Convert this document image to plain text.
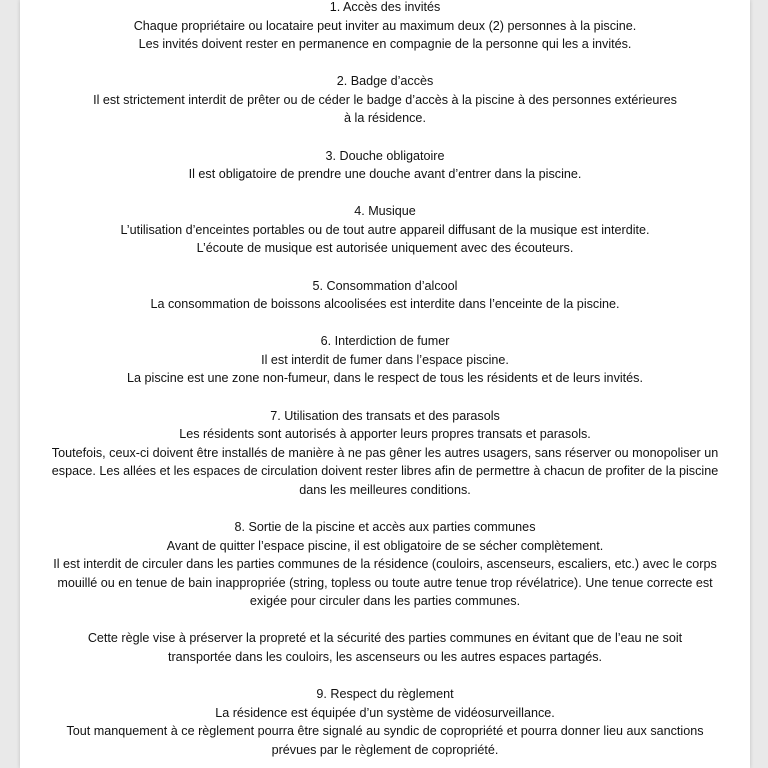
1. Accès des invités
Chaque propriétaire ou locataire peut inviter au maximum deux (2) personnes à la piscine.
Les invités doivent rester en permanence en compagnie de la personne qui les a invités.
2. Badge d’accès
Il est strictement interdit de prêter ou de céder le badge d’accès à la piscine à des personnes extérieures à la résidence.
3. Douche obligatoire
Il est obligatoire de prendre une douche avant d’entrer dans la piscine.
4. Musique
L’utilisation d’enceintes portables ou de tout autre appareil diffusant de la musique est interdite.
L’écoute de musique est autorisée uniquement avec des écouteurs.
5. Consommation d’alcool
La consommation de boissons alcoolisées est interdite dans l’enceinte de la piscine.
6. Interdiction de fumer
Il est interdit de fumer dans l’espace piscine.
La piscine est une zone non-fumeur, dans le respect de tous les résidents et de leurs invités.
7. Utilisation des transats et des parasols
Les résidents sont autorisés à apporter leurs propres transats et parasols.
Toutefois, ceux-ci doivent être installés de manière à ne pas gêner les autres usagers, sans réserver ou monopoliser un espace. Les allées et les espaces de circulation doivent rester libres afin de permettre à chacun de profiter de la piscine dans les meilleures conditions.
8. Sortie de la piscine et accès aux parties communes
Avant de quitter l’espace piscine, il est obligatoire de se sécher complètement.
Il est interdit de circuler dans les parties communes de la résidence (couloirs, ascenseurs, escaliers, etc.) avec le corps mouillé ou en tenue de bain inappropriée (string, topless ou toute autre tenue trop révélatrice). Une tenue correcte est exigée pour circuler dans les parties communes.
Cette règle vise à préserver la propreté et la sécurité des parties communes en évitant que de l’eau ne soit transportée dans les couloirs, les ascenseurs ou les autres espaces partagés.
9. Respect du règlement
La résidence est équipée d’un système de vidéosurveillance.
Tout manquement à ce règlement pourra être signalé au syndic de copropriété et pourra donner lieu aux sanctions prévues par le règlement de copropriété.
